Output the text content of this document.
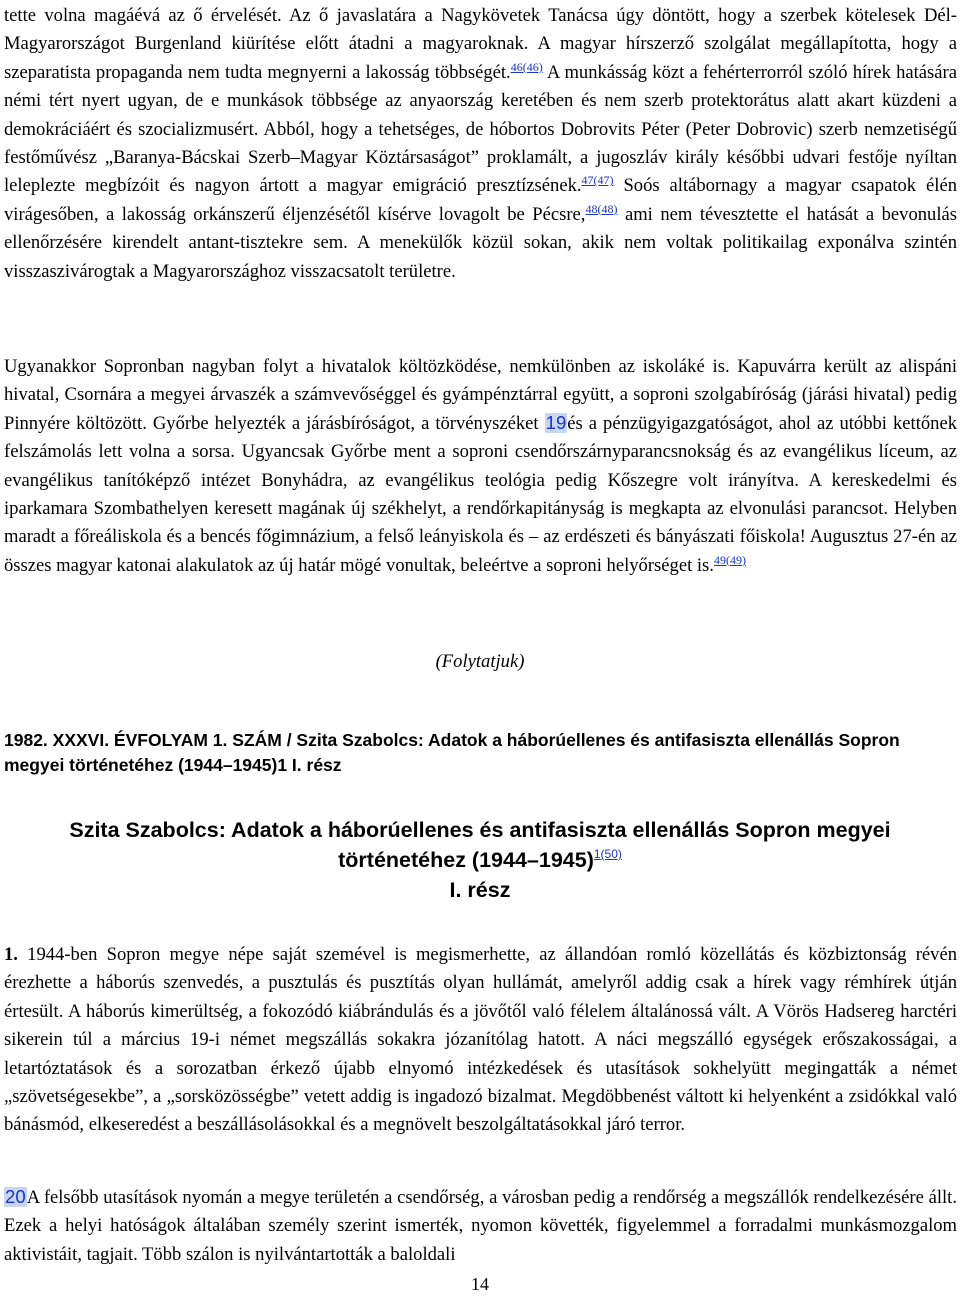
tette volna magáévá az ő érvelését. Az ő javaslatára a Nagykövetek Tanácsa úgy döntött, hogy a szerbek kötelesek Dél-Magyarországot Burgenland kiürítése előtt átadni a magyaroknak. A magyar hírszerző szolgálat megállapította, hogy a szeparatista propaganda nem tudta megnyerni a lakosság többségét.$^{46(46)}$ A munkásság közt a fehérterrorról szóló hírek hatására némi tért nyert ugyan, de e munkások többsége az anyaország keretében és nem szerb protektorátus alatt akart küzdeni a demokráciáért és szocializmusért. Abból, hogy a tehetséges, de hóbortos Dobrovits Péter (Peter Dobrovic) szerb nemzetiségű festőművész „Baranya-Bácskai Szerb–Magyar Köztársaságot” proklamált, a jugoszláv király későbbi udvari festője nyíltan leleplezte megbízóit és nagyon ártott a magyar emigráció presztízsének.$^{47(47)}$ Soós altábornagy a magyar csapatok élén virágesőben, a lakosság orkánszerű éljenzésétől kísérve lovagolt be Pécsre,$^{48(48)}$ ami nem tévesztette el hatását a bevonulás ellenőrzésére kirendelt antant-tisztekre sem. A menekülők közül sokan, akik nem voltak politikailag exponálva szintén visszaszivárogtak a Magyarországhoz visszacsatolt területre.

Ugyanakkor Sopronban nagyban folyt a hivatalok költözködése, nemkülönben az iskoláké is. Kapuvárra került az alispáni hivatal, Csornára a megyei árvaszék a számvevőséggel és gyámpénztárral együtt, a soproni szolgabíróság (járási hivatal) pedig Pinnyére költözött. Győrbe helyezték a járásbíróságot, a törvényszéket 19és a pénzügyigazgatóságot, ahol az utóbbi kettőnek felszámolás lett volna a sorsa. Ugyancsak Győrbe ment a soproni csendőrszárnyparancsnokság és az evangélikus líceum, az evangélikus tanítóképző intézet Bonyhádra, az evangélikus teológia pedig Kőszegre volt irányítva. A kereskedelmi és iparkamara Szombathelyen keresett magának új székhelyt, a rendőrkapitányság is megkapta az elvonulási parancsot. Helyben maradt a főreáliskola és a bencés főgimnázium, a felső leányiskola és – az erdészeti és bányászati főiskola! Augusztus 27-én az összes magyar katonai alakulatok az új határ mögé vonultak, beleértve a soproni helyőrséget is.$^{49(49)}$

(Folytatjuk)
1982. XXXVI. ÉVFOLYAM 1. SZÁM / Szita Szabolcs: Adatok a háborúellenes és antifasiszta ellenállás Sopron megyei történetéhez (1944–1945)1 I. rész
Szita Szabolcs: Adatok a háborúellenes és antifasiszta ellenállás Sopron megyei
történetéhez (1944–1945)$^{1(50)}$
I. rész

1. 1944-ben Sopron megye népe saját szemével is megismerhette, az állandóan romló közellátás és közbiztonság révén érezhette a háborús szenvedés, a pusztulás és pusztítás olyan hullámát, amelyről addig csak a hírek vagy rémhírek útján értesült. A háborús kimerültség, a fokozódó kiábrándulás és a jövőtől való félelem általánossá vált. A Vörös Hadsereg harctéri sikerein túl a március 19-i német megszállás sokakra józanítólag hatott. A náci megszálló egységek erőszakosságai, a letartóztatások és a sorozatban érkező újabb elnyomó intézkedések és utasítások sokhelyütt megingatták a német „szövetségesekbe”, a „sorsközösségbe” vetett addig is ingadozó bizalmat. Megdöbbenést váltott ki helyenként a zsidókkal való bánásmód, elkeseredést a beszállásolásokkal és a megnövelt beszolgáltatásokkal járó terror.

20A felsőbb utasítások nyomán a megye területén a csendőrség, a városban pedig a rendőrség a megszállók rendelkezésére állt. Ezek a helyi hatóságok általában személy szerint ismerték, nyomon követték, figyelemmel a forradalmi munkásmozgalom aktivistáit, tagjait. Több szálon is nyilvántartották a baloldali

14
